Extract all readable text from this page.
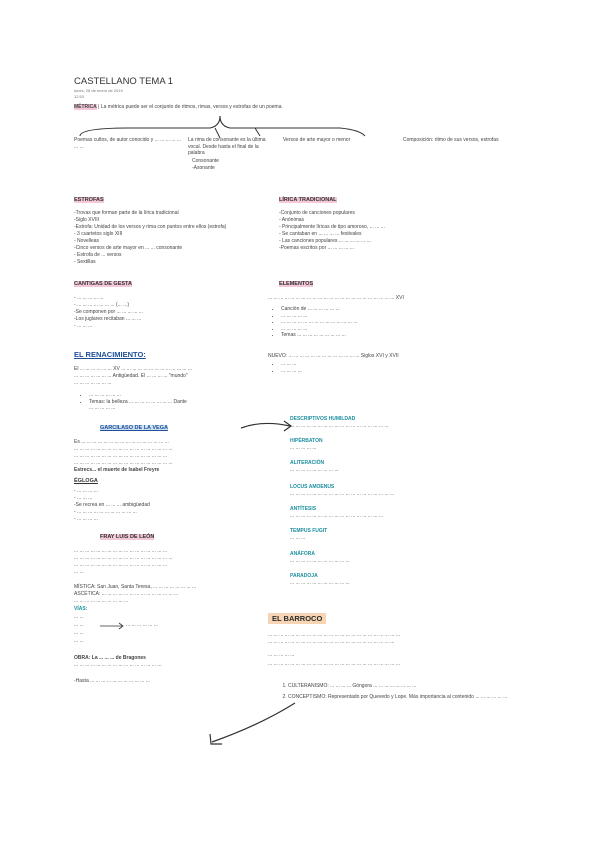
CASTELLANO TEMA 1
lunes, 28 de enero de 2019
12:53
MÉTRICA | La métrica puede ser el conjunto de ritmos, rimas, versos y estrofas de un poema
Poemas cultos, de autor conocido y ... ... ... ... ... ... ...
La rima de consonante es la última vocal. Desde hasta el final de la palabra
Versos de arte mayor o menor	Composición: ritmo de sus versos, estrofas
Consonante
-Asonante
ESTROFAS
-Trovas que forman parte de la lírica tradicional
-Siglo XVIII
-Estrofa: Unidad de los versos y rima con puntos entre ellos (estrofa)
- 3 cuartetos siglo XIII
- Novelleas
-Cinco versos de arte mayor en ... ... consonante
- Estrofa de ... versos
- Sextillas
LÍRICA TRADICIONAL
-Conjunto de canciones populares
- Anónimas
- Principalmente líricas de tipo amoroso, ... ... ...
- Se cantaban en ... ... ... ... festivales
- Las canciones populares ... ... ... ... ... ...
-Poemas escritos por ... ... ... ... ...
CANTIGAS DE GESTA
- ... ... ... ... ...
- ... ... ... ... ... ... ... (... ...)
-Se componen por ... ... ... ... ...
-Los juglares recitaban ... ... ...
- ... ... ...
ELEMENTOS
... ... ... ... ... ... ... ... ... ... ... ... ... ... ... ... ... ... ... ... ... ... ... XVI
• Canción de ... ... ... ... ... ...
• ... ... ... ... ...
• ... ... ... ... ... ... ... ... ... ... ... ... ... ...
• ... ... ... ... ...
• Temas ... ... ... ... ... ... ... ... ...
NUEVO: ... ... ... ... ... ... ... ... ... ... ... ... ... Siglos XVI y XVII
• ... ... ...
• ... ... ... ...
EL RENACIMIENTO:
El ... ... ... ... ... ... XV ... ... ... ... ... ... ... ... ... ... ... ... ...
... ... ... ... ... ... ... Antigüedad. El ... ... ... ... "mundo"
... ... ... ... ... ... ...
• ... ... ... ... ... ...
• Temas: la belleza ... ... ... ... ... ... ... ... Dante
... ... ... ... ...
GARCILASO DE LA VEGA
Es ... ... ... ... ... ... ... ... ... ... ... ... ... ... ... ...
... ... ... ... ... ... ... ... ... ... ... ... ... ... ... ... ... ...
... ... ... ... ... ... ... ... ... ... ... ... ... ... ... ... ...
... ... ... ... ... ... ... ... ... ... ... ... ... ... ... ... ... ...
Estrecs... el muerte de Isabel Freyre
ÉGLOGA
- ... ... ... ...
- ... ... ...
-Se recrea en ... ... ... ambigüedad
- ... ... ... ... ... ... ... ... ... ... ...
- ... ... ... ...
FRAY LUIS DE LEÓN
... ... ... ... ... ... ... ... ... ... ... ... ... ... ... ... ...
... ... ... ... ... ... ... ... ... ... ... ... ... ... ... ... ... ...
... ... ... ... ... ... ... ... ... ... ... ... ... ... ... ... ...
... ...
MÍSTICA: San Juan, Santa Teresa, ... ... ... ... ... ... ... ...
ASCÉTICA: ... ... ... ... ... ... ... ... ... ... ... ... ... ...
... ... ... ... ... ... ... ... ... ...
VÍAS:
... ...
... ...
... ...
... ...
... ... ... ... ... ...
OBRA: La ... ... ... de Bragones
... ... ... ... ... ... ... ... ... ... ... ... ... ... ... ...
-Hasta ... ... ... ... ... ... ... ... ... ... ...
DESCRIPTIVOS HUMILDAD
... ... ... ... ... ... ... ... ... ... ... ... ... ... ... ... ... ...
HIPÉRBATON
... ... ... ... ...
ALITERACIÓN
... ... ... ... ... ... ... ... ...
LOCUS AMOENUS
... ... ... ... ... ... ... ... ... ... ... ... ... ... ... ... ... ... ...
ANTÍTESIS
... ... ... ... ... ... ... ... ... ... ... ... ... ... ... ... ...
TEMPUS FUGIT
... ... ...
ANÁFORA
... ... ... ... ... ... ... ... ... ... ...
PARADOJA
... ... ... ... ... ... ... ... ... ... ...
EL BARROCO
... ... ... ... ... ... ... ... ... ... ... ... ... ... ... ... ... ... ... ... ... ... ... ...
... ... ... ... ... ... ... ... ... ... ... ... ... ... ... ... ... ... ... ... ... ... ...
... ... ... ... ...
... ... ... ... ... ... ... ... ... ... ... ... ... ... ... ... ... ... ... ... ... ... ... ...
1. CULTERANISMO: ... ... ... ... Góngora ... ... ... ... ... ... ... ...
2. CONCEPTISMO: Representado por Quevedo y Lope. Más importancia al contenido ... ... ... ... ... ...
